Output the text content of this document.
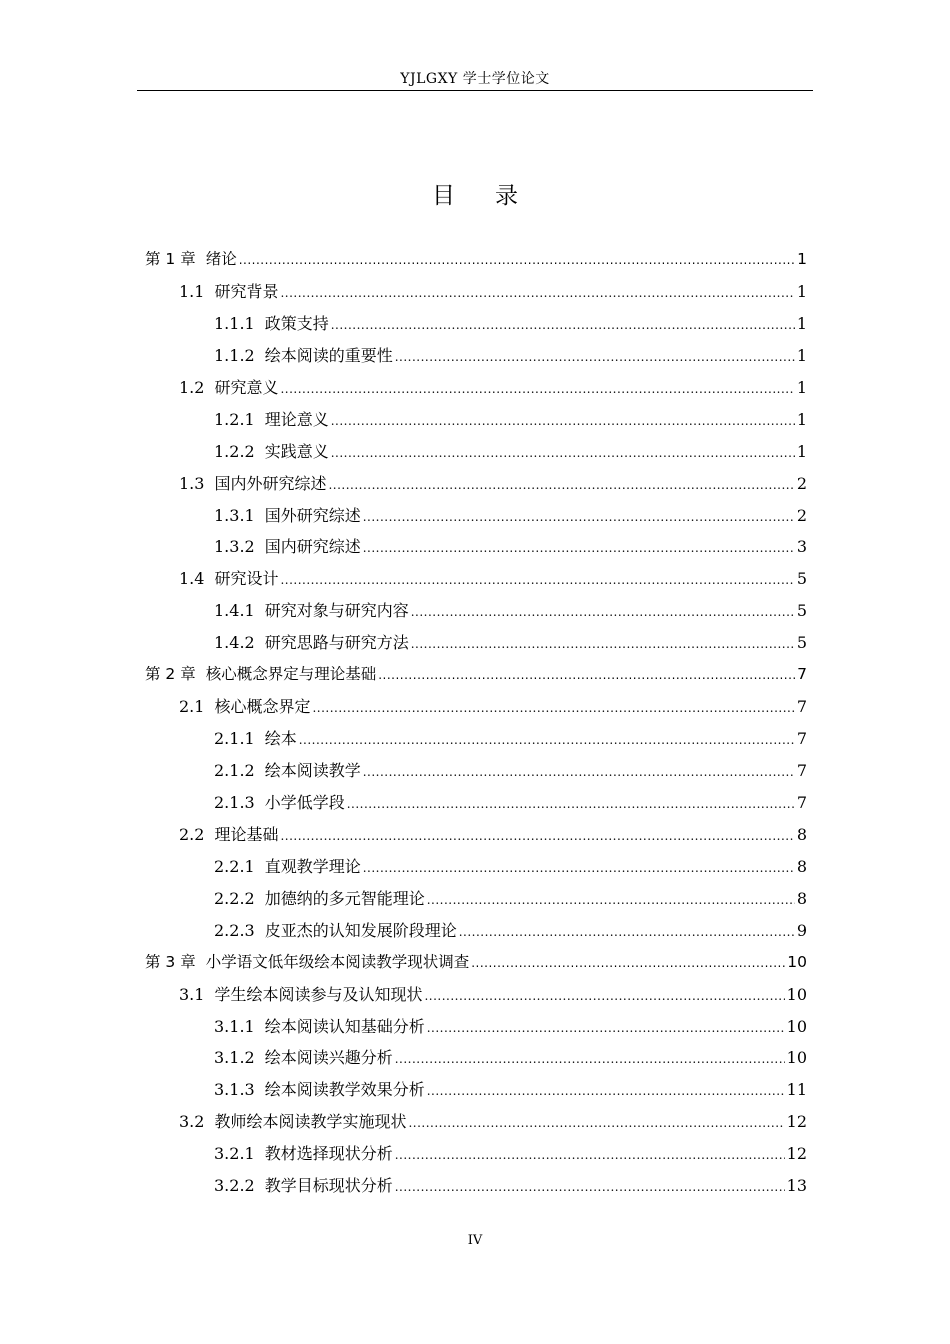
YJLGXY 学士学位论文
目录
第 1 章 绪论 .....	1
1.1 研究背景 .....	1
1.1.1 政策支持 .....	1
1.1.2 绘本阅读的重要性 .....	1
1.2 研究意义 .....	1
1.2.1 理论意义 .....	1
1.2.2 实践意义 .....	1
1.3 国内外研究综述 .....	2
1.3.1 国外研究综述 .....	2
1.3.2 国内研究综述 .....	3
1.4 研究设计 .....	5
1.4.1 研究对象与研究内容 .....	5
1.4.2 研究思路与研究方法 .....	5
第 2 章 核心概念界定与理论基础 .....	7
2.1 核心概念界定 .....	7
2.1.1 绘本 .....	7
2.1.2 绘本阅读教学 .....	7
2.1.3 小学低学段 .....	7
2.2 理论基础 .....	8
2.2.1 直观教学理论 .....	8
2.2.2 加德纳的多元智能理论 .....	8
2.2.3 皮亚杰的认知发展阶段理论 .....	9
第 3 章 小学语文低年级绘本阅读教学现状调查 .....	10
3.1 学生绘本阅读参与及认知现状 .....	10
3.1.1 绘本阅读认知基础分析 .....	10
3.1.2 绘本阅读兴趣分析 .....	10
3.1.3 绘本阅读教学效果分析 .....	11
3.2 教师绘本阅读教学实施现状 .....	12
3.2.1 教材选择现状分析 .....	12
3.2.2 教学目标现状分析 .....	13
IV
